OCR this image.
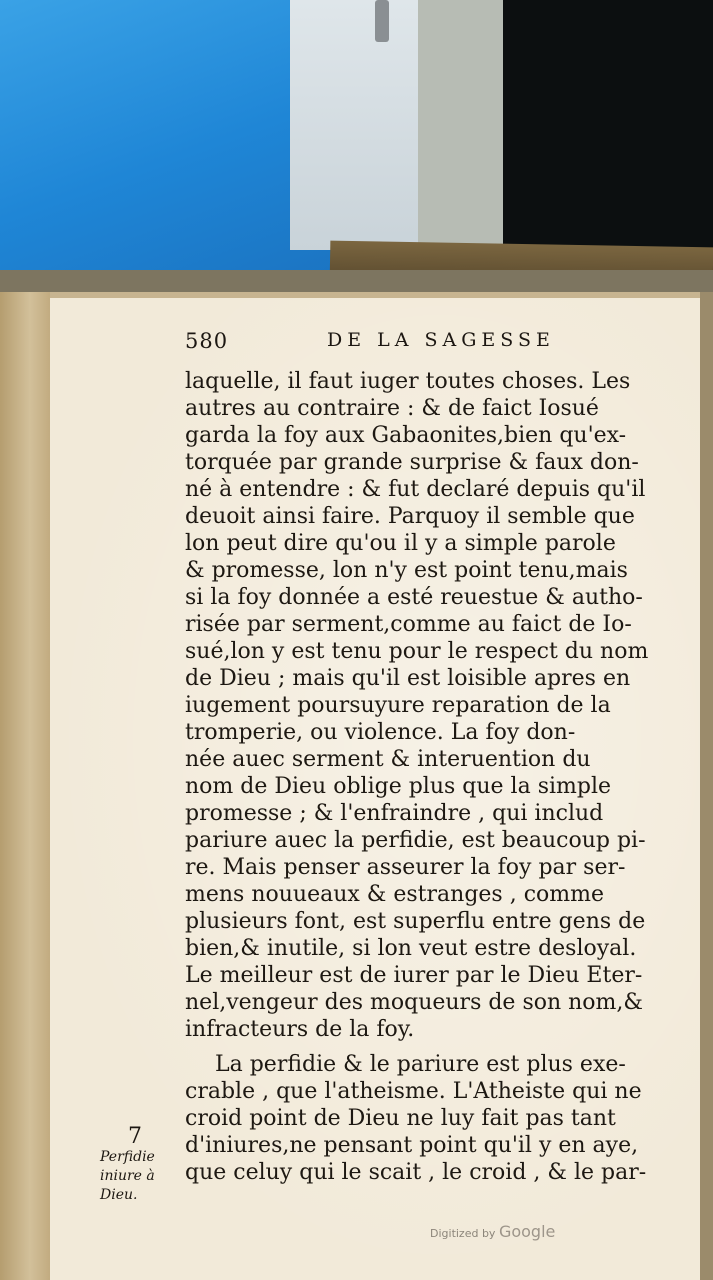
580	DE LA SAGESSE
laquelle, il faut iuger toutes choses. Les
autres au contraire : & de faict Iosué
garda la foy aux Gabaonites,bien qu'ex-
torquée par grande surprise & faux don-
né à entendre : & fut declaré depuis qu'il
deuoit ainsi faire. Parquoy il semble que
lon peut dire qu'ou il y a simple parole
& promesse, lon n'y est point tenu,mais
si la foy donnée a esté reuestue & autho-
risée par serment,comme au faict de Io-
sué,lon y est tenu pour le respect du nom
de Dieu ; mais qu'il est loisible apres en
iugement poursuyure reparation de la
tromperie, ou violence. La foy don-
née auec serment & interuention du
nom de Dieu oblige plus que la simple
promesse ; & l'enfraindre , qui includ
pariure auec la perfidie, est beaucoup pi-
re. Mais penser asseurer la foy par ser-
mens nouueaux & estranges , comme
plusieurs font, est superflu entre gens de
bien,& inutile, si lon veut estre desloyal.
Le meilleur est de iurer par le Dieu Eter-
nel,vengeur des moqueurs de son nom,&
infracteurs de la foy.
La perfidie & le pariure est plus exe-
crable , que l'atheisme. L'Atheiste qui ne
croid point de Dieu ne luy fait pas tant
d'iniures,ne pensant point qu'il y en aye,
que celuy qui le scait , le croid , & le par-
7
Perfidie
iniure à
Dieu.
Digitized by Google
